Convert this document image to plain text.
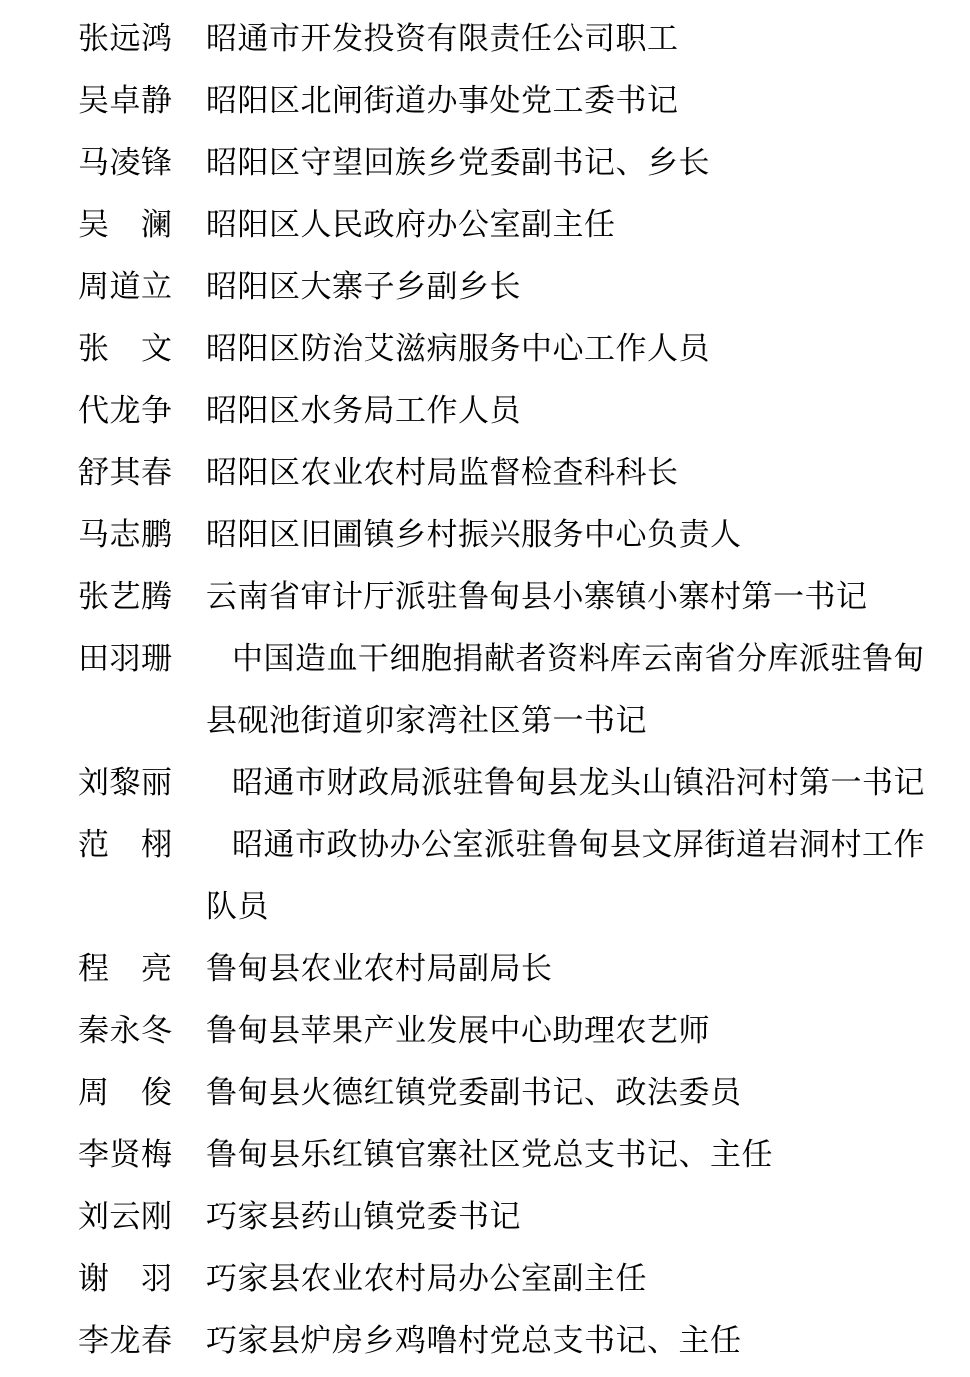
张远鸿	昭通市开发投资有限责任公司职工
吴卓静	昭阳区北闸街道办事处党工委书记
马凌锋	昭阳区守望回族乡党委副书记、乡长
吴　澜	昭阳区人民政府办公室副主任
周道立	昭阳区大寨子乡副乡长
张　文	昭阳区防治艾滋病服务中心工作人员
代龙争	昭阳区水务局工作人员
舒其春	昭阳区农业农村局监督检查科科长
马志鹏	昭阳区旧圃镇乡村振兴服务中心负责人
张艺腾	云南省审计厅派驻鲁甸县小寨镇小寨村第一书记
田羽珊	中国造血干细胞捐献者资料库云南省分库派驻鲁甸县砚池街道卯家湾社区第一书记
刘黎丽	昭通市财政局派驻鲁甸县龙头山镇沿河村第一书记
范　栩	昭通市政协办公室派驻鲁甸县文屏街道岩洞村工作队员
程　亮	鲁甸县农业农村局副局长
秦永冬	鲁甸县苹果产业发展中心助理农艺师
周　俊	鲁甸县火德红镇党委副书记、政法委员
李贤梅	鲁甸县乐红镇官寨社区党总支书记、主任
刘云刚	巧家县药山镇党委书记
谢　羽	巧家县农业农村局办公室副主任
李龙春	巧家县炉房乡鸡噜村党总支书记、主任
